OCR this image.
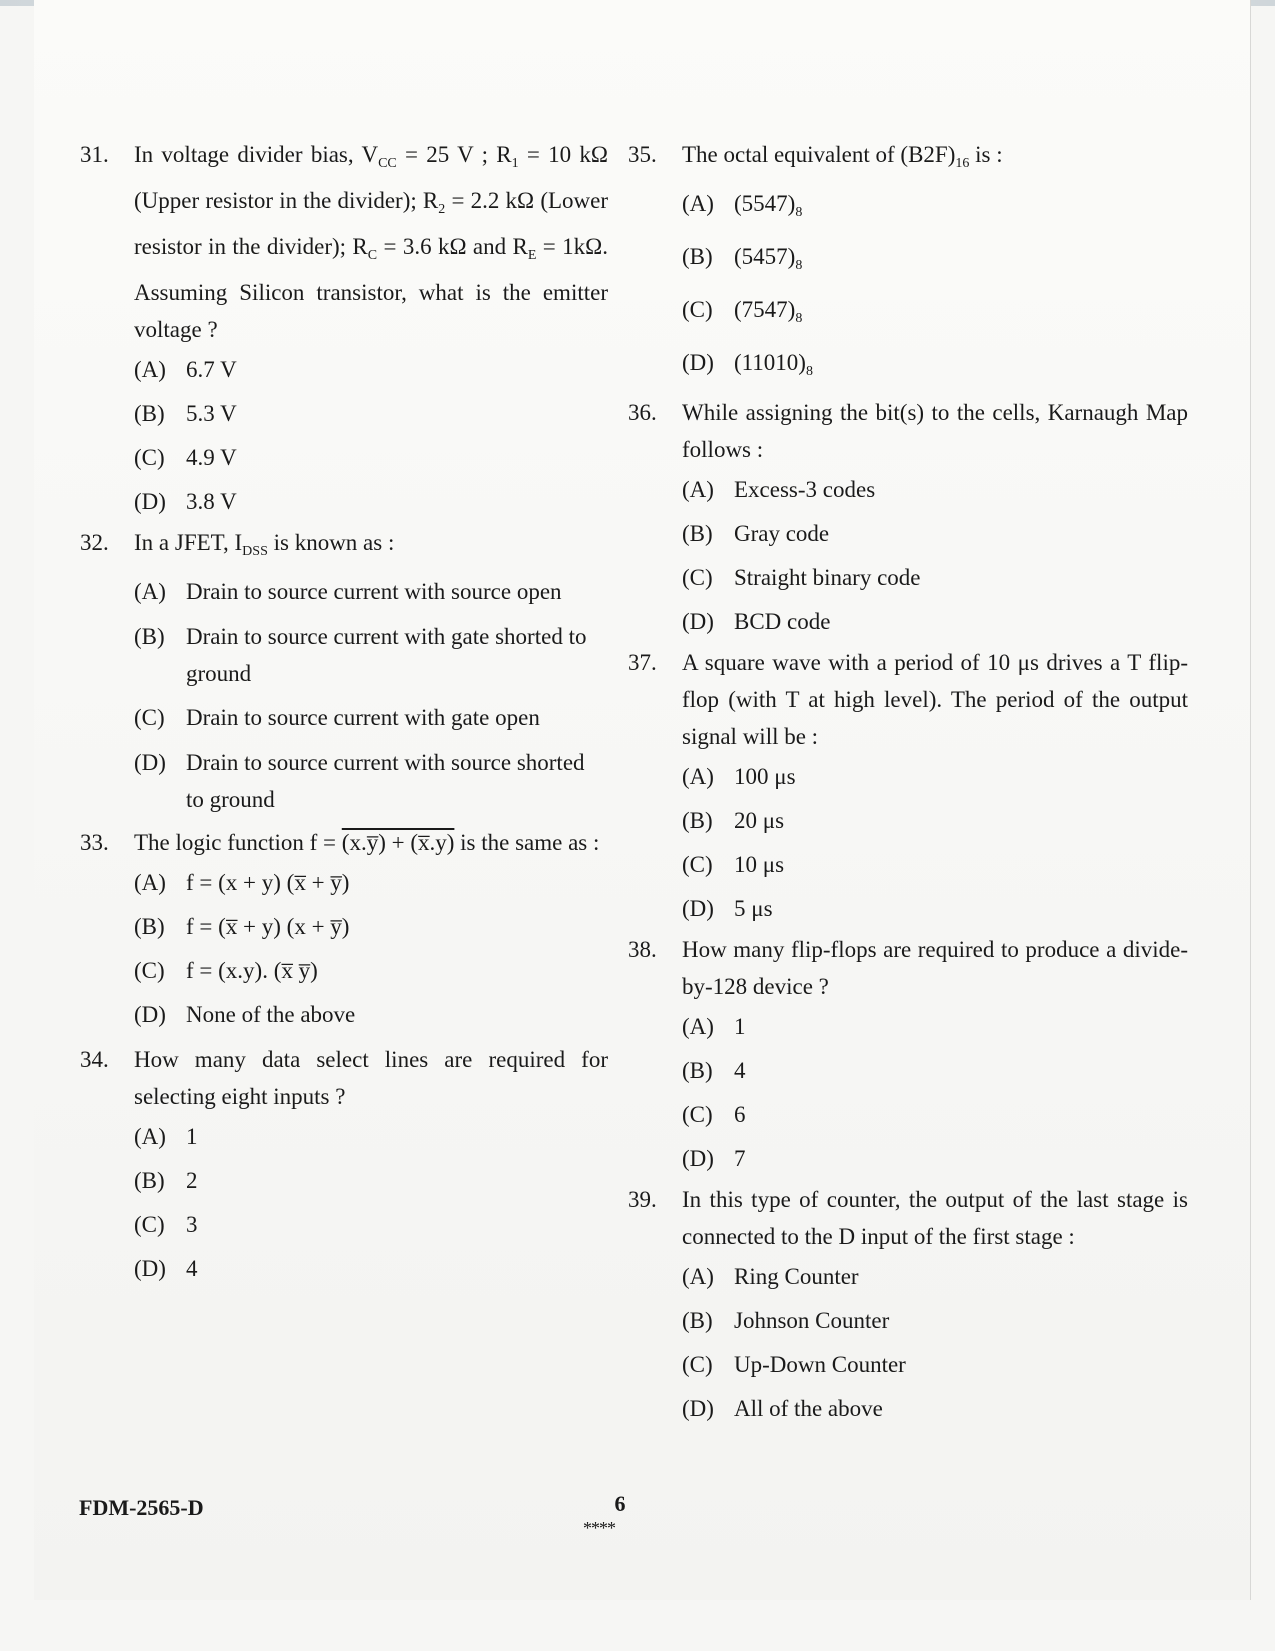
31. In voltage divider bias, $V_{CC} = 25$ V ; $R_1 = 10$ kΩ (Upper resistor in the divider); $R_2 = 2.2$ kΩ (Lower resistor in the divider); $R_C = 3.6$ kΩ and $R_E = 1k\Omega$. Assuming Silicon transistor, what is the emitter voltage ?
(A) 6.7 V
(B) 5.3 V
(C) 4.9 V
(D) 3.8 V
32. In a JFET, $I_{DSS}$ is known as :
(A) Drain to source current with source open
(B) Drain to source current with gate shorted to ground
(C) Drain to source current with gate open
(D) Drain to source current with source shorted to ground
33. The logic function f = (x.y̅) + (x̅.y) is the same as :
(A) f = (x + y) (x̅ + y̅)
(B) f = (x̅ + y) (x + y̅)
(C) f = (x.y). (x̅ y̅)
(D) None of the above
34. How many data select lines are required for selecting eight inputs ?
(A) 1
(B) 2
(C) 3
(D) 4
35. The octal equivalent of $(B2F)_{16}$ is :
(A) $(5547)_8$
(B) $(5457)_8$
(C) $(7547)_8$
(D) $(11010)_8$
36. While assigning the bit(s) to the cells, Karnaugh Map follows :
(A) Excess-3 codes
(B) Gray code
(C) Straight binary code
(D) BCD code
37. A square wave with a period of 10 μs drives a T flip-flop (with T at high level). The period of the output signal will be :
(A) 100 μs
(B) 20 μs
(C) 10 μs
(D) 5 μs
38. How many flip-flops are required to produce a divide-by-128 device ?
(A) 1
(B) 4
(C) 6
(D) 7
39. In this type of counter, the output of the last stage is connected to the D input of the first stage :
(A) Ring Counter
(B) Johnson Counter
(C) Up-Down Counter
(D) All of the above
FDM-2565-D	6
****
